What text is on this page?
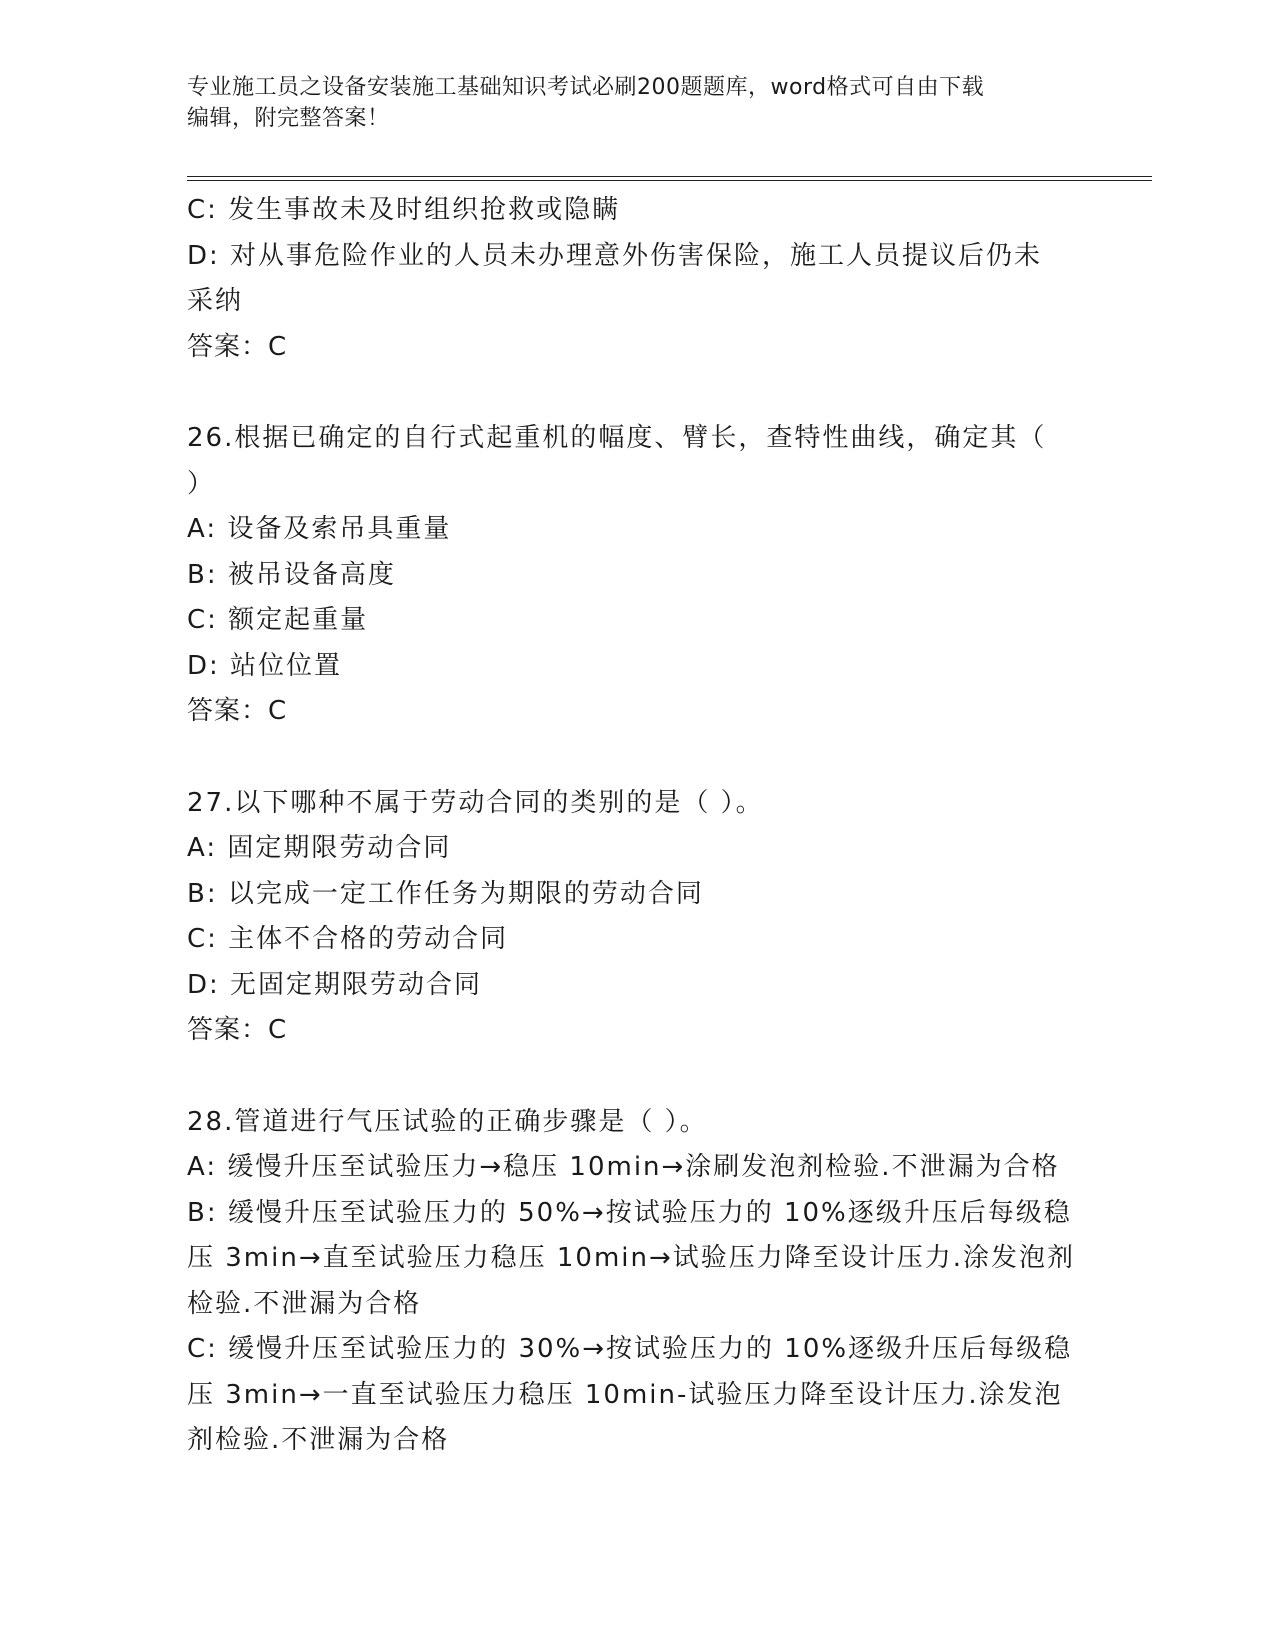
专业施工员之设备安装施工基础知识考试必刷200题题库，word格式可自由下载
编辑，附完整答案！
C: 发生事故未及时组织抢救或隐瞒
D: 对从事危险作业的人员未办理意外伤害保险，施工人员提议后仍未
采纳
答案：C
26.根据已确定的自行式起重机的幅度、臂长，查特性曲线，确定其（
）
A: 设备及索吊具重量
B: 被吊设备高度
C: 额定起重量
D: 站位位置
答案：C
27.以下哪种不属于劳动合同的类别的是（ ）。
A: 固定期限劳动合同
B: 以完成一定工作任务为期限的劳动合同
C: 主体不合格的劳动合同
D: 无固定期限劳动合同
答案：C
28.管道进行气压试验的正确步骤是（ ）。
A: 缓慢升压至试验压力→稳压 10min→涂刷发泡剂检验.不泄漏为合格
B: 缓慢升压至试验压力的 50%→按试验压力的 10%逐级升压后每级稳
压 3min→直至试验压力稳压 10min→试验压力降至设计压力.涂发泡剂
检验.不泄漏为合格
C: 缓慢升压至试验压力的 30%→按试验压力的 10%逐级升压后每级稳
压 3min→一直至试验压力稳压 10min-试验压力降至设计压力.涂发泡
剂检验.不泄漏为合格
